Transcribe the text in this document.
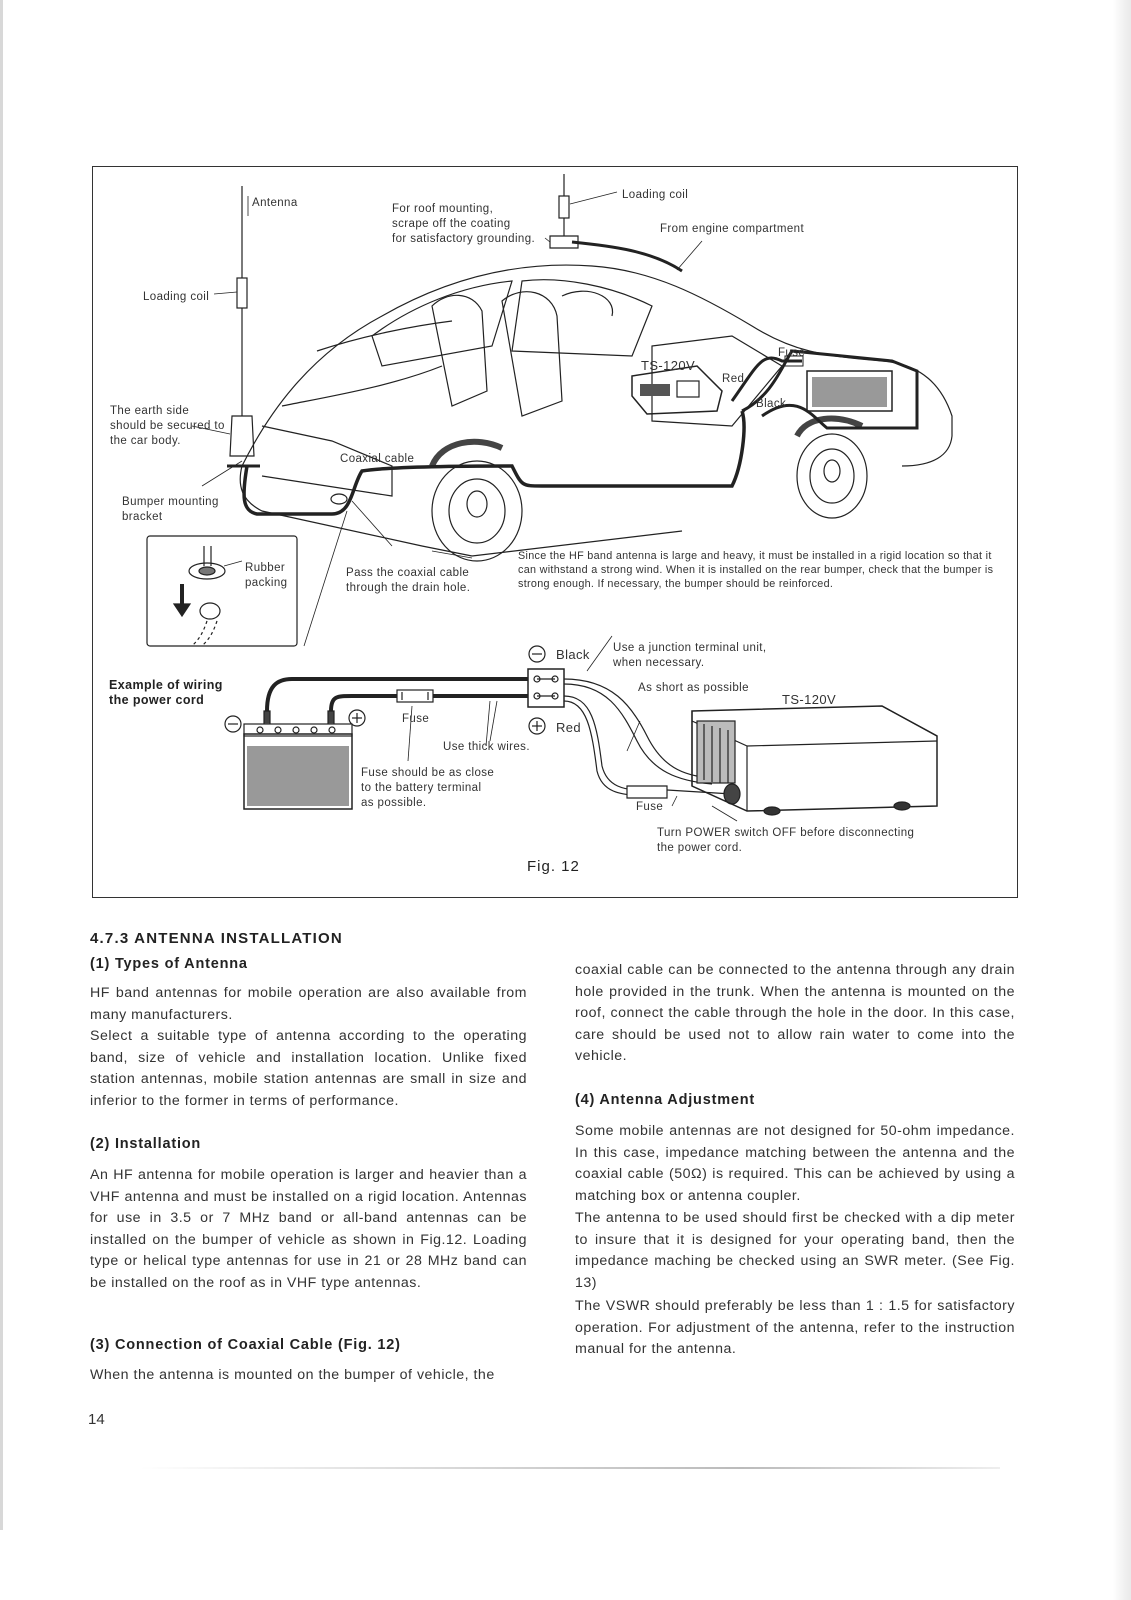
Antenna	For roof mounting,
scrape off the coating
for satisfactory grounding.
Loading coil
From engine compartment
Loading coil
Fuse
TS-120V
Red
Black
The earth side
should be secured to
the car body.
Coaxial cable
Bumper mounting
bracket
Rubber
packing
Pass the coaxial cable
through the drain hole.
Since the HF band antenna is large and heavy, it must be installed in a rigid location so that it can withstand a strong wind. When it is installed on the rear bumper, check that the bumper is strong enough. If necessary, the bumper should be reinforced.
Black Use a junction terminal unit,
when necessary.
Example of wiring
the power cord
As short as possible
TS-120V
Fuse
Red
Use thick wires.
Fuse should be as close
to the battery terminal
as possible.	Fuse
Turn POWER switch OFF before disconnecting
the power cord.
Fig. 12
4.7.3 ANTENNA INSTALLATION
(1) Types of Antenna
HF band antennas for mobile operation are also available from many manufacturers.
Select a suitable type of antenna according to the operating band, size of vehicle and installation location. Unlike fixed station antennas, mobile station antennas are small in size and inferior to the former in terms of performance.
(2) Installation
An HF antenna for mobile operation is larger and heavier than a VHF antenna and must be installed on a rigid location. Antennas for use in 3.5 or 7 MHz band or all-band antennas can be installed on the bumper of vehicle as shown in Fig.12. Loading type or helical type antennas for use in 21 or 28 MHz band can be installed on the roof as in VHF type antennas.
(3) Connection of Coaxial Cable (Fig. 12)
When the antenna is mounted on the bumper of vehicle, the
coaxial cable can be connected to the antenna through any drain hole provided in the trunk. When the antenna is mounted on the roof, connect the cable through the hole in the door. In this case, care should be used not to allow rain water to come into the vehicle.
(4) Antenna Adjustment
Some mobile antennas are not designed for 50-ohm impedance. In this case, impedance matching between the antenna and the coaxial cable (50Ω) is required. This can be achieved by using a matching box or antenna coupler.
The antenna to be used should first be checked with a dip meter to insure that it is designed for your operating band, then the impedance maching be checked using an SWR meter. (See Fig. 13)
The VSWR should preferably be less than 1 : 1.5 for satisfactory operation. For adjustment of the antenna, refer to the instruction manual for the antenna.
14
